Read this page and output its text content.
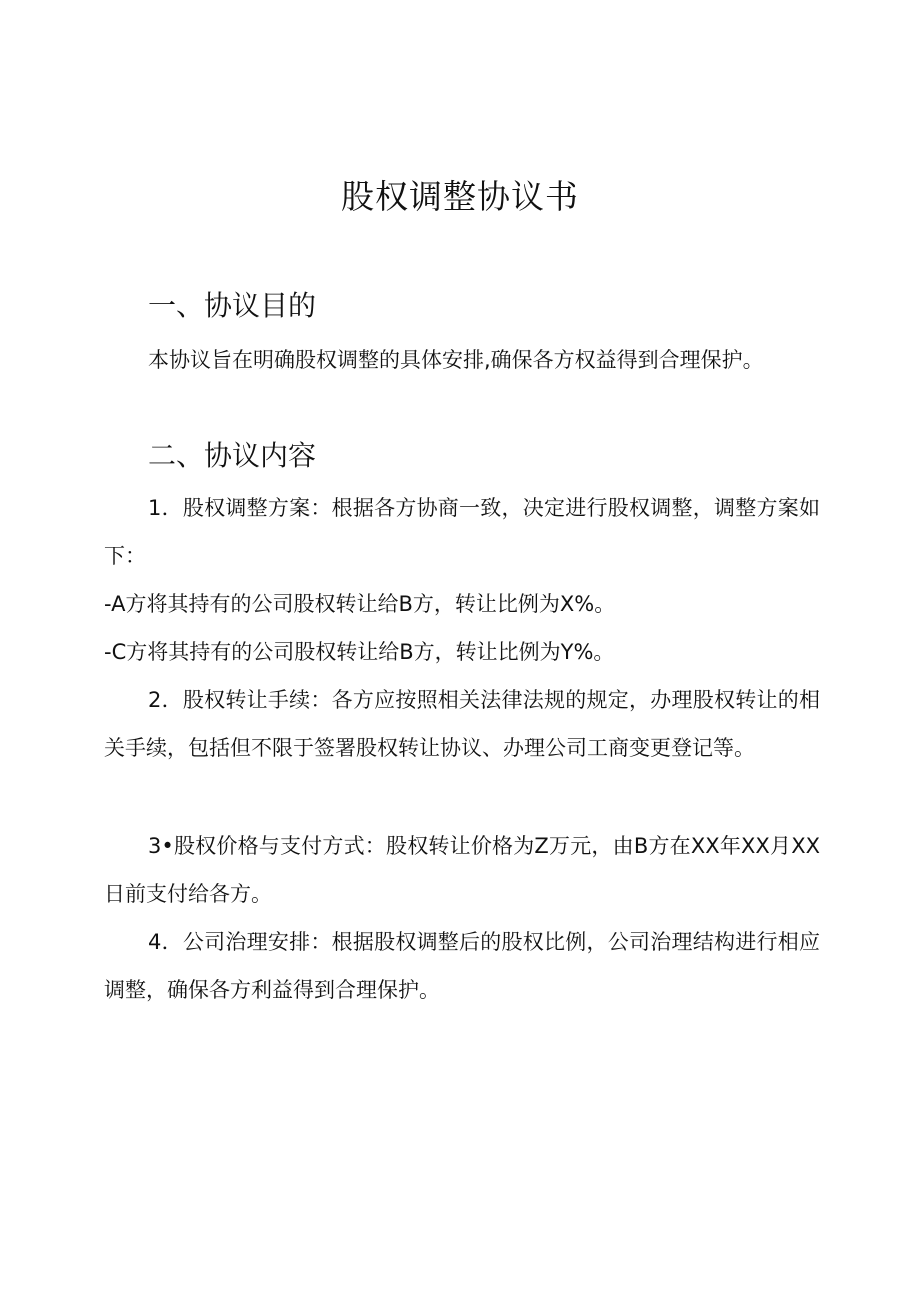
股权调整协议书
一、协议目的

本协议旨在明确股权调整的具体安排,确保各方权益得到合理保护。

二、协议内容

1．股权调整方案：根据各方协商一致，决定进行股权调整，调整方案如下：

-A方将其持有的公司股权转让给B方，转让比例为X%。

-C方将其持有的公司股权转让给B方，转让比例为Y%。

2．股权转让手续：各方应按照相关法律法规的规定，办理股权转让的相关手续，包括但不限于签署股权转让协议、办理公司工商变更登记等。

3•股权价格与支付方式：股权转让价格为Z万元，由B方在XX年XX月XX日前支付给各方。

4．公司治理安排：根据股权调整后的股权比例，公司治理结构进行相应调整，确保各方利益得到合理保护。
